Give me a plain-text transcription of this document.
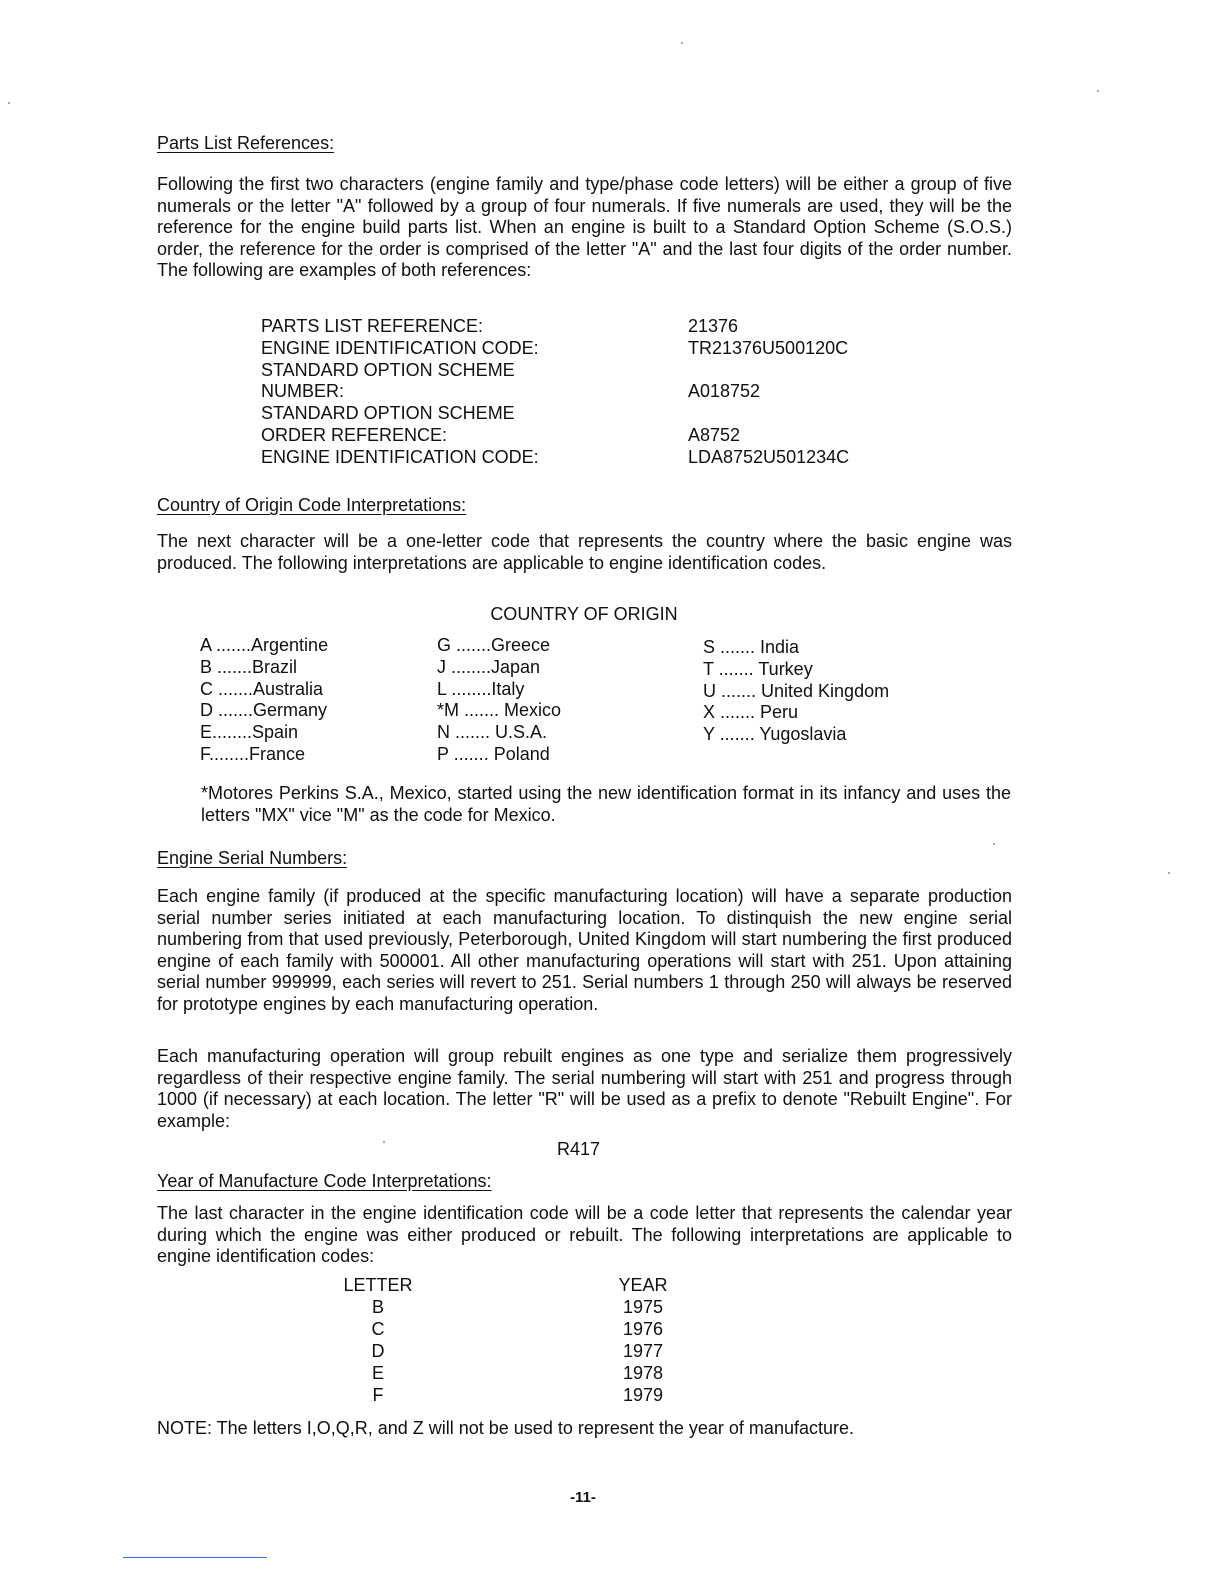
Parts List References:

Following the first two characters (engine family and type/phase code letters) will be either a group of five numerals or the letter "A" followed by a group of four numerals. If five numerals are used, they will be the reference for the engine build parts list. When an engine is built to a Standard Option Scheme (S.O.S.) order, the reference for the order is comprised of the letter "A" and the last four digits of the order number. The following are examples of both references:

PARTS LIST REFERENCE:
ENGINE IDENTIFICATION CODE:
STANDARD OPTION SCHEME
NUMBER:
STANDARD OPTION SCHEME
ORDER REFERENCE:
ENGINE IDENTIFICATION CODE:
21376
TR21376U500120C
A018752
A8752
LDA8752U501234C
Country of Origin Code Interpretations:

The next character will be a one-letter code that represents the country where the basic engine was produced. The following interpretations are applicable to engine identification codes.

COUNTRY OF ORIGIN
A .......Argentine
B .......Brazil
C .......Australia
D .......Germany
E........Spain
F........France
G .......Greece
J ........Japan
L ........Italy
*M ....... Mexico
N ....... U.S.A.
P ....... Poland
S ....... India
T ....... Turkey
U ....... United Kingdom
X ....... Peru
Y ....... Yugoslavia

*Motores Perkins S.A., Mexico, started using the new identification format in its infancy and uses the letters "MX" vice "M" as the code for Mexico.

Engine Serial Numbers:

Each engine family (if produced at the specific manufacturing location) will have a separate production serial number series initiated at each manufacturing location. To distinquish the new engine serial numbering from that used previously, Peterborough, United Kingdom will start numbering the first produced engine of each family with 500001. All other manufacturing operations will start with 251. Upon attaining serial number 999999, each series will revert to 251. Serial numbers 1 through 250 will always be reserved for prototype engines by each manufacturing operation.

Each manufacturing operation will group rebuilt engines as one type and serialize them progressively regardless of their respective engine family. The serial numbering will start with 251 and progress through 1000 (if necessary) at each location. The letter "R" will be used as a prefix to denote "Rebuilt Engine". For example:

R417
Year of Manufacture Code Interpretations:

The last character in the engine identification code will be a code letter that represents the calendar year during which the engine was either produced or rebuilt. The following interpretations are applicable to engine identification codes:

LETTER
B
C
D
E
F
YEAR
1975
1976
1977
1978
1979

NOTE: The letters I,O,Q,R, and Z will not be used to represent the year of manufacture.

-11-
